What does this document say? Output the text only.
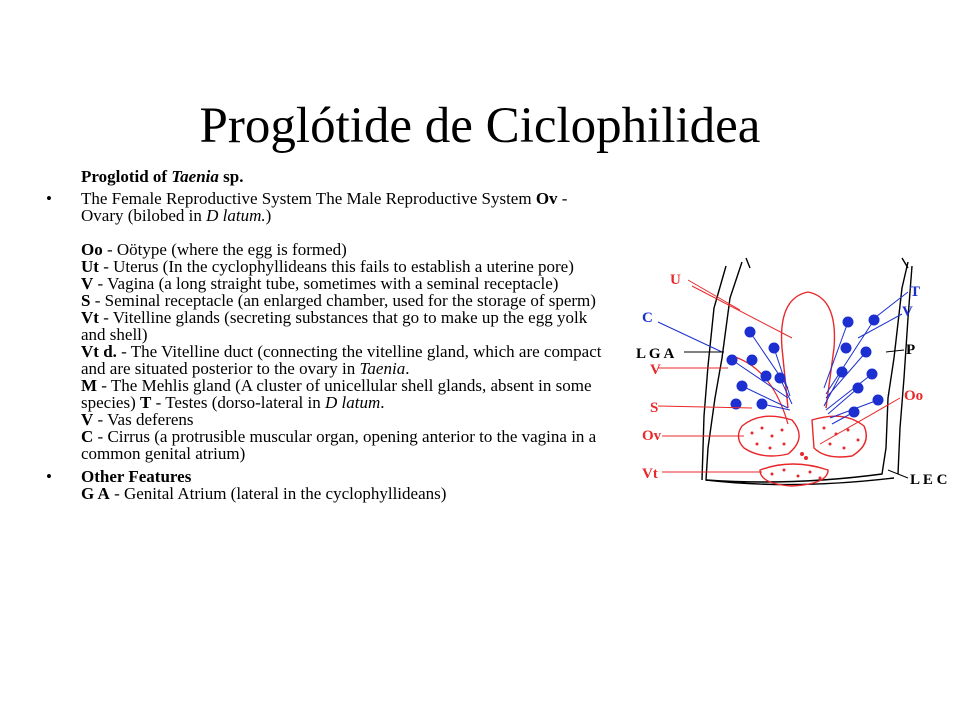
Proglótide de Ciclophilidea

Proglotid of Taenia sp.

• The Female Reproductive System The Male Reproductive System Ov - Ovary (bilobed in D latum.)
Oo - Oötype (where the egg is formed)
Ut - Uterus (In the cyclophyllideans this fails to establish a uterine pore)
V - Vagina (a long straight tube, sometimes with a seminal receptacle)
S - Seminal receptacle (an enlarged chamber, used for the storage of sperm)
Vt - Vitelline glands (secreting substances that go to make up the egg yolk and shell)
Vt d. - The Vitelline duct (connecting the vitelline gland, which are compact and are situated posterior to the ovary in Taenia.
M - The Mehlis gland (A cluster of unicellular shell glands, absent in some species) T - Testes (dorso-lateral in D latum.
V - Vas deferens
C - Cirrus (a protrusible muscular organ, opening anterior to the vagina in a common genital atrium)
• Other Features
G A - Genital Atrium (lateral in the cyclophyllideans)
U
C
L G A
V
S
Ov
Vt
T
V
P
Oo
L E C
